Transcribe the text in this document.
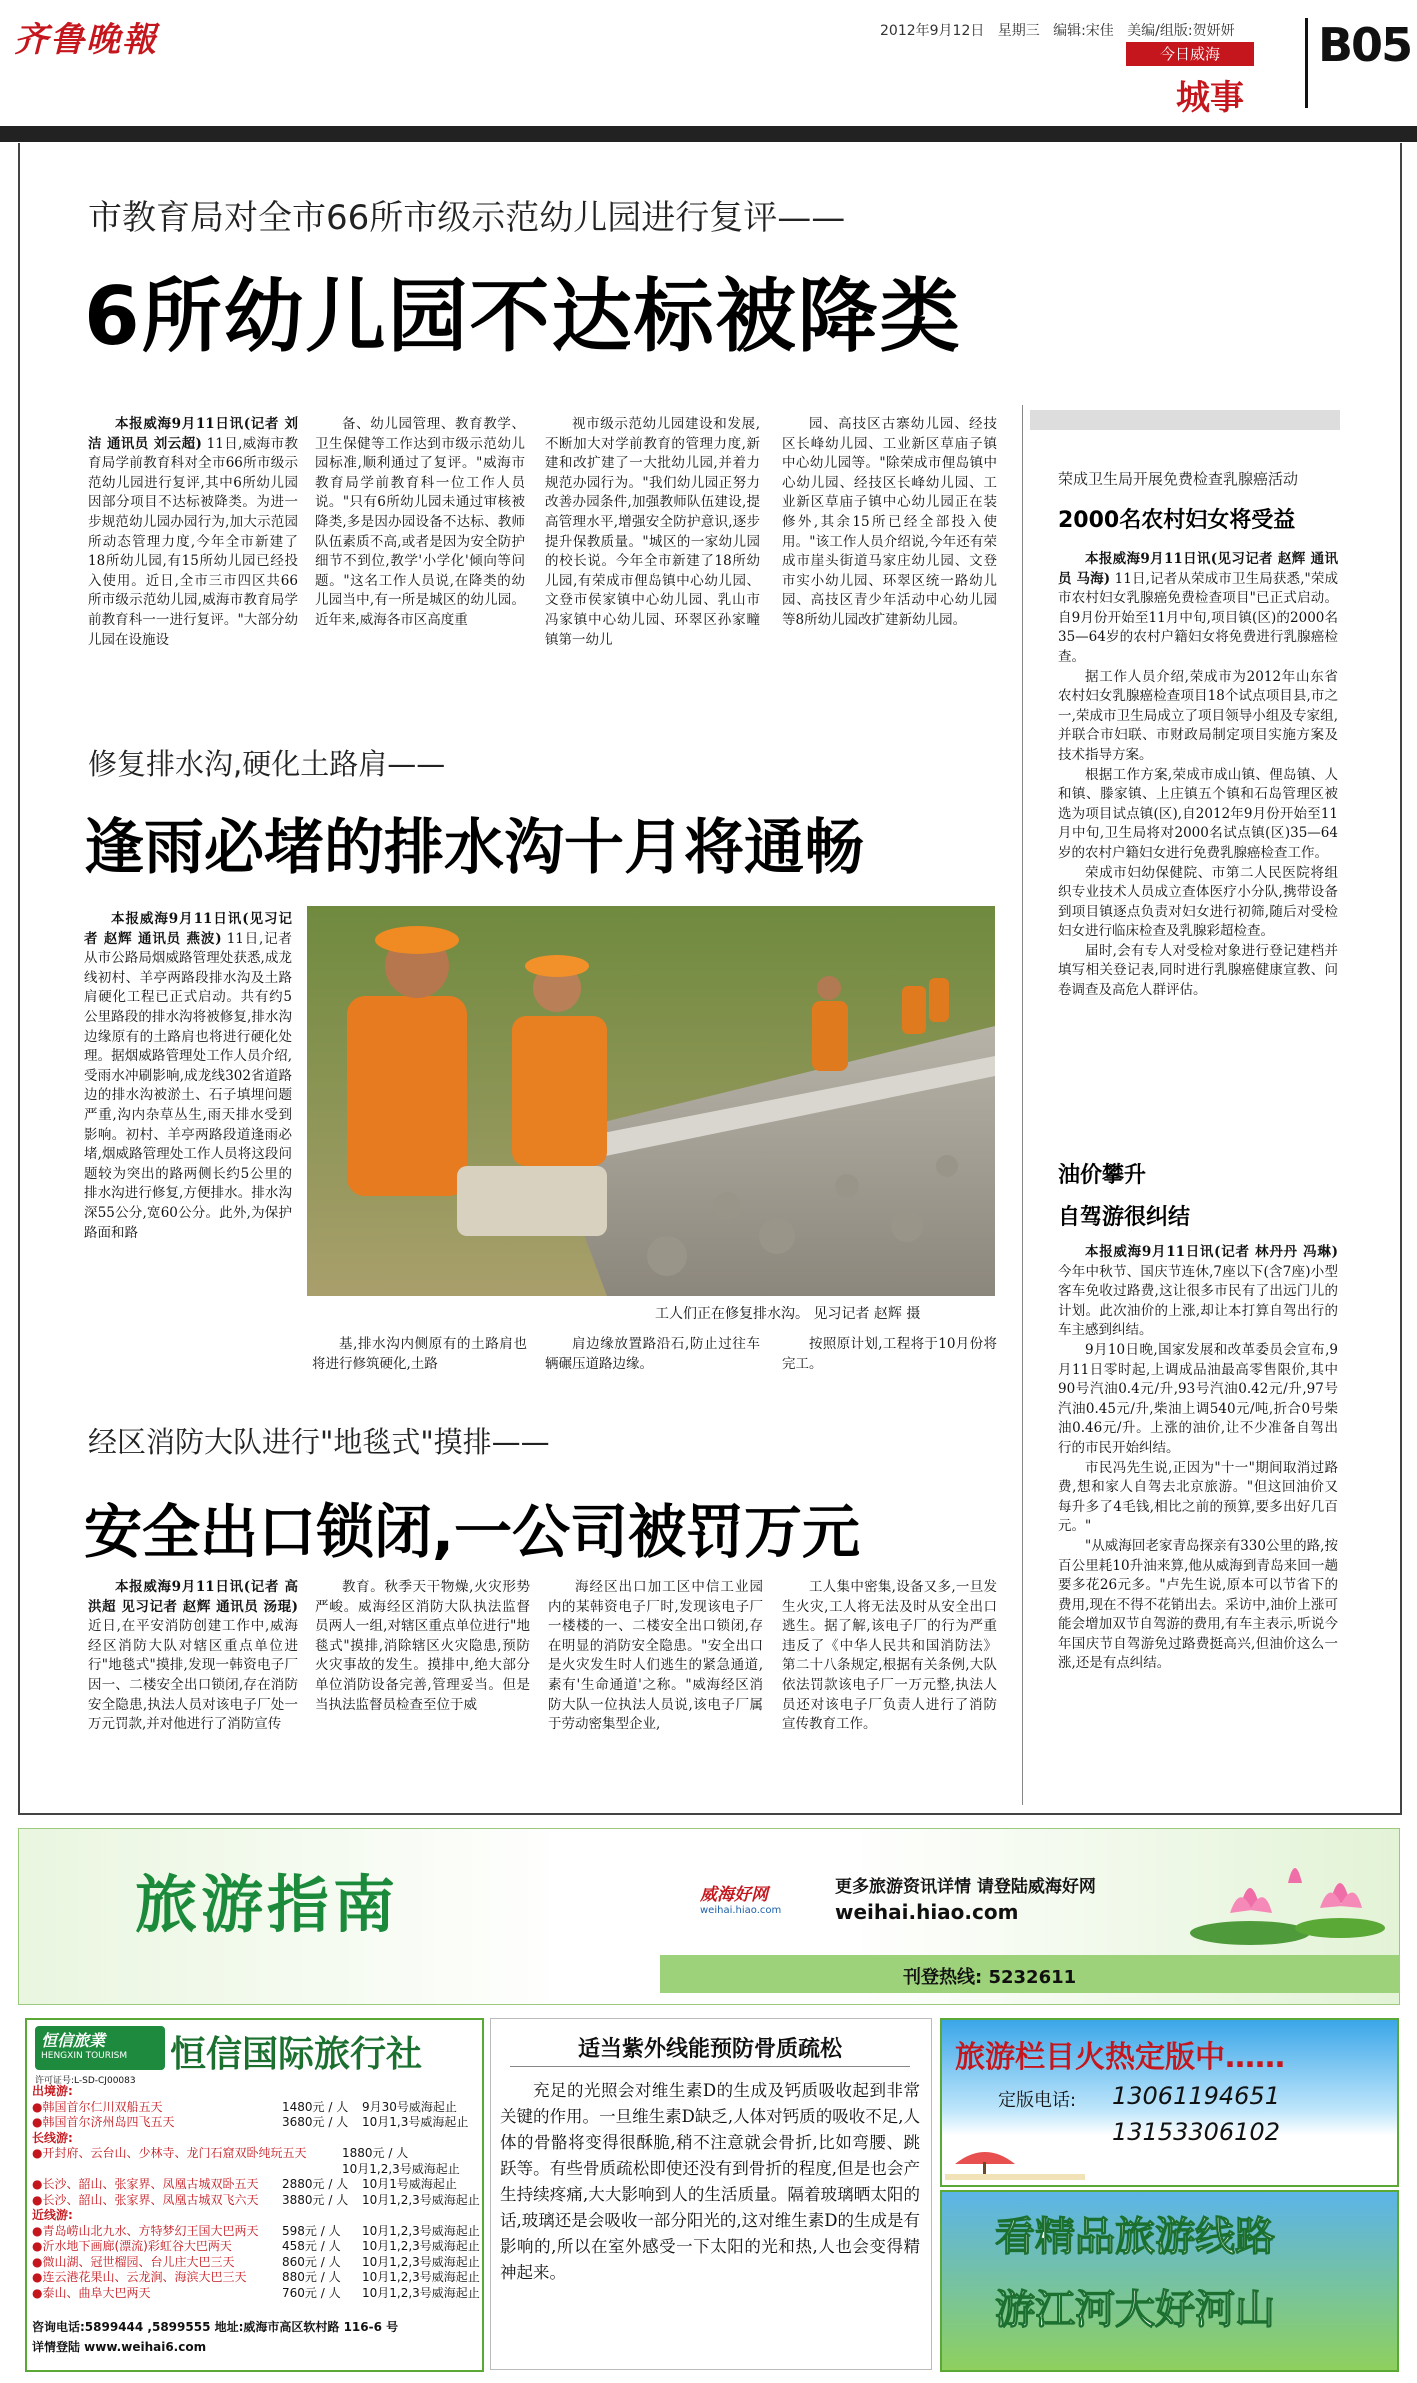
齐鲁晚報	2012年9月12日 星期三 编辑:宋佳 美编/组版:贺妍妍
今日威海
城事
B05
市教育局对全市66所市级示范幼儿园进行复评——
6所幼儿园不达标被降类

本报威海9月11日讯(记者 刘洁 通讯员 刘云超) 11日,威海市教育局学前教育科对全市66所市级示范幼儿园进行复评,其中6所幼儿园因部分项目不达标被降类。为进一步规范幼儿园办园行为,加大示范园所动态管理力度,今年全市新建了18所幼儿园,有15所幼儿园已经投入使用。近日,全市三市四区共66所市级示范幼儿园,威海市教育局学前教育科一一进行复评。"大部分幼儿园在设施设

备、幼儿园管理、教育教学、卫生保健等工作达到市级示范幼儿园标准,顺利通过了复评。"威海市教育局学前教育科一位工作人员说。"只有6所幼儿园未通过审核被降类,多是因办园设备不达标、教师队伍素质不高,或者是因为安全防护细节不到位,教学'小学化'倾向等问题。"这名工作人员说,在降类的幼儿园当中,有一所是城区的幼儿园。近年来,威海各市区高度重

视市级示范幼儿园建设和发展,不断加大对学前教育的管理力度,新建和改扩建了一大批幼儿园,并着力规范办园行为。"我们幼儿园正努力改善办园条件,加强教师队伍建设,提高管理水平,增强安全防护意识,逐步提升保教质量。"城区的一家幼儿园的校长说。今年全市新建了18所幼儿园,有荣成市俚岛镇中心幼儿园、文登市侯家镇中心幼儿园、乳山市冯家镇中心幼儿园、环翠区孙家疃镇第一幼儿

园、高技区古寨幼儿园、经技区长峰幼儿园、工业新区草庙子镇中心幼儿园等。"除荣成市俚岛镇中心幼儿园、经技区长峰幼儿园、工业新区草庙子镇中心幼儿园正在装修外,其余15所已经全部投入使用。"该工作人员介绍说,今年还有荣成市崖头街道马家庄幼儿园、文登市实小幼儿园、环翠区统一路幼儿园、高技区青少年活动中心幼儿园等8所幼儿园改扩建新幼儿园。

荣成卫生局开展免费检查乳腺癌活动
2000名农村妇女将受益

本报威海9月11日讯(见习记者 赵辉 通讯员 马海) 11日,记者从荣成市卫生局获悉,"荣成市农村妇女乳腺癌免费检查项目"已正式启动。自9月份开始至11月中旬,项目镇(区)的2000名35—64岁的农村户籍妇女将免费进行乳腺癌检查。

据工作人员介绍,荣成市为2012年山东省农村妇女乳腺癌检查项目18个试点项目县,市之一,荣成市卫生局成立了项目领导小组及专家组,并联合市妇联、市财政局制定项目实施方案及技术指导方案。

根据工作方案,荣成市成山镇、俚岛镇、人和镇、滕家镇、上庄镇五个镇和石岛管理区被选为项目试点镇(区),自2012年9月份开始至11月中旬,卫生局将对2000名试点镇(区)35—64岁的农村户籍妇女进行免费乳腺癌检查工作。

荣成市妇幼保健院、市第二人民医院将组织专业技术人员成立查体医疗小分队,携带设备到项目镇逐点负责对妇女进行初筛,随后对受检妇女进行临床检查及乳腺彩超检查。

届时,会有专人对受检对象进行登记建档并填写相关登记表,同时进行乳腺癌健康宣教、问卷调查及高危人群评估。

油价攀升
自驾游很纠结

本报威海9月11日讯(记者 林丹丹 冯琳) 今年中秋节、国庆节连休,7座以下(含7座)小型客车免收过路费,这让很多市民有了出远门儿的计划。此次油价的上涨,却让本打算自驾出行的车主感到纠结。

9月10日晚,国家发展和改革委员会宣布,9月11日零时起,上调成品油最高零售限价,其中90号汽油0.4元/升,93号汽油0.42元/升,97号汽油0.45元/升,柴油上调540元/吨,折合0号柴油0.46元/升。上涨的油价,让不少准备自驾出行的市民开始纠结。

市民冯先生说,正因为"十一"期间取消过路费,想和家人自驾去北京旅游。"但这回油价又每升多了4毛钱,相比之前的预算,要多出好几百元。"

"从威海回老家青岛探亲有330公里的路,按百公里耗10升油来算,他从威海到青岛来回一趟要多花26元多。"卢先生说,原本可以节省下的费用,现在不得不花销出去。采访中,油价上涨可能会增加双节自驾游的费用,有车主表示,听说今年国庆节自驾游免过路费挺高兴,但油价这么一涨,还是有点纠结。

修复排水沟,硬化土路肩——
逢雨必堵的排水沟十月将通畅

本报威海9月11日讯(见习记者 赵辉 通讯员 燕波) 11日,记者从市公路局烟威路管理处获悉,成龙线初村、羊亭两路段排水沟及土路肩硬化工程已正式启动。共有约5公里路段的排水沟将被修复,排水沟边缘原有的土路肩也将进行硬化处理。据烟威路管理处工作人员介绍,受雨水冲刷影响,成龙线302省道路边的排水沟被淤土、石子填埋问题严重,沟内杂草丛生,雨天排水受到影响。初村、羊亭两路段道逢雨必堵,烟威路管理处工作人员将这段问题较为突出的路两侧长约5公里的排水沟进行修复,方便排水。排水沟深55公分,宽60公分。此外,为保护路面和路

工人们正在修复排水沟。 见习记者 赵辉 摄

基,排水沟内侧原有的土路肩也将进行修筑硬化,土路

肩边缘放置路沿石,防止过往车辆碾压道路边缘。

按照原计划,工程将于10月份将完工。

经区消防大队进行"地毯式"摸排——
安全出口锁闭,一公司被罚万元

本报威海9月11日讯(记者 高洪超 见习记者 赵辉 通讯员 汤琨) 近日,在平安消防创建工作中,威海经区消防大队对辖区重点单位进行"地毯式"摸排,发现一韩资电子厂因一、二楼安全出口锁闭,存在消防安全隐患,执法人员对该电子厂处一万元罚款,并对他进行了消防宣传

教育。秋季天干物燥,火灾形势严峻。威海经区消防大队执法监督员两人一组,对辖区重点单位进行"地毯式"摸排,消除辖区火灾隐患,预防火灾事故的发生。摸排中,绝大部分单位消防设备完善,管理妥当。但是当执法监督员检查至位于威

海经区出口加工区中信工业园内的某韩资电子厂时,发现该电子厂一楼楼的一、二楼安全出口锁闭,存在明显的消防安全隐患。"安全出口是火灾发生时人们逃生的紧急通道,素有'生命通道'之称。"威海经区消防大队一位执法人员说,该电子厂属于劳动密集型企业,

工人集中密集,设备又多,一旦发生火灾,工人将无法及时从安全出口逃生。据了解,该电子厂的行为严重违反了《中华人民共和国消防法》第二十八条规定,根据有关条例,大队依法罚款该电子厂一万元整,执法人员还对该电子厂负责人进行了消防宣传教育工作。

旅游指南	威海好网
weihai.hiao.com
更多旅游资讯详情 请登陆威海好网
weihai.hiao.com
刊登热线: 5232611
恒信旅業
HENGXIN TOURISM
许可证号:L-SD-CJ00083
恒信国际旅行社
出境游:
●韩国首尔仁川双船五天	1480元 / 人 9月30号威海起止
●韩国首尔济州岛四飞五天	3680元 / 人 10月1,3号威海起止
长线游:
●开封府、云台山、少林寺、龙门石窟双卧纯玩五天	1880元 / 人
10月1,2,3号威海起止
●长沙、韶山、张家界、凤凰古城双卧五天 2880元 / 人 10月1号威海起止
●长沙、韶山、张家界、凤凰古城双飞六天 3880元 / 人 10月1,2,3号威海起止
近线游:
●青岛崂山北九水、方特梦幻王国大巴两天 598元 / 人 10月1,2,3号威海起止
●沂水地下画廊(漂流)彩虹谷大巴两天	458元 / 人 10月1,2,3号威海起止
●微山湖、冠世榴园、台儿庄大巴三天	860元 / 人 10月1,2,3号威海起止
●连云港花果山、云龙涧、海滨大巴三天	880元 / 人 10月1,2,3号威海起止
●泰山、曲阜大巴两天	760元 / 人 10月1,2,3号威海起止
咨询电话:5899444 ,5899555 地址:威海市高区软村路 116-6 号
详情登陆 www.weihai6.com
适当紫外线能预防骨质疏松

充足的光照会对维生素D的生成及钙质吸收起到非常关键的作用。一旦维生素D缺乏,人体对钙质的吸收不足,人体的骨骼将变得很酥脆,稍不注意就会骨折,比如弯腰、跳跃等。有些骨质疏松即使还没有到骨折的程度,但是也会产生持续疼痛,大大影响到人的生活质量。隔着玻璃晒太阳的话,玻璃还是会吸收一部分阳光的,这对维生素D的生成是有影响的,所以在室外感受一下太阳的光和热,人也会变得精神起来。

旅游栏目火热定版中……
定版电话: 13061194651
13153306102
看精品旅游线路
游江河大好河山
